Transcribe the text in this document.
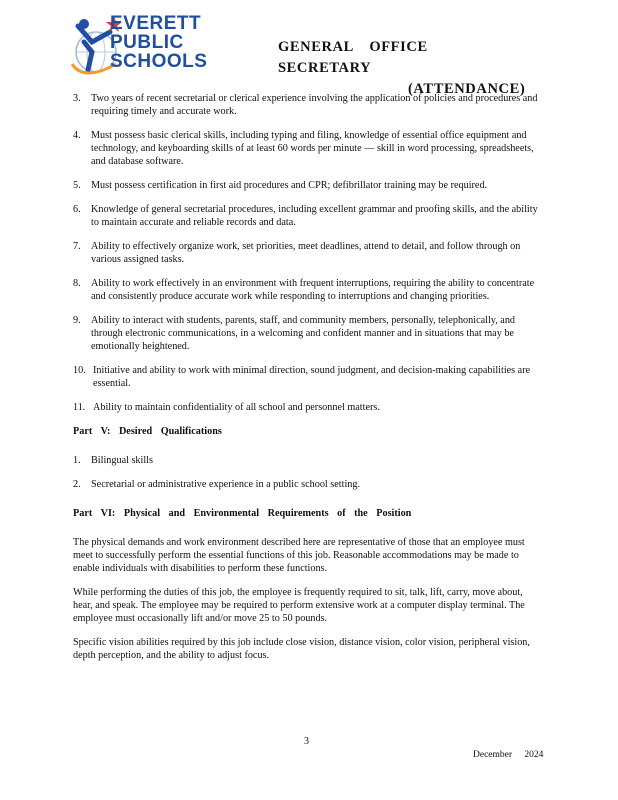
EVERETT
PUBLIC
SCHOOLS
GENERAL OFFICE SECRETARY
(ATTENDANCE)
3. Two years of recent secretarial or clerical experience involving the application of policies and procedures and requiring timely and accurate work.
4. Must possess basic clerical skills, including typing and filing, knowledge of essential office equipment and technology, and keyboarding skills of at least 60 words per minute — skill in word processing, spreadsheets, and database software.
5. Must possess certification in first aid procedures and CPR; defibrillator training may be required.
6. Knowledge of general secretarial procedures, including excellent grammar and proofing skills, and the ability to maintain accurate and reliable records and data.
7. Ability to effectively organize work, set priorities, meet deadlines, attend to detail, and follow through on various assigned tasks.
8. Ability to work effectively in an environment with frequent interruptions, requiring the ability to concentrate and consistently produce accurate work while responding to interruptions and changing priorities.
9. Ability to interact with students, parents, staff, and community members, personally, telephonically, and through electronic communications, in a welcoming and confident manner and in situations that may be emotionally heightened.
10. Initiative and ability to work with minimal direction, sound judgment, and decision-making capabilities are essential.
11. Ability to maintain confidentiality of all school and personnel matters.
Part V: Desired Qualifications
1. Bilingual skills
2. Secretarial or administrative experience in a public school setting.
Part VI: Physical and Environmental Requirements of the Position

The physical demands and work environment described here are representative of those that an employee must meet to successfully perform the essential functions of this job. Reasonable accommodations may be made to enable individuals with disabilities to perform these functions.

While performing the duties of this job, the employee is frequently required to sit, talk, lift, carry, move about, hear, and speak. The employee may be required to perform extensive work at a computer display terminal. The employee must occasionally lift and/or move 25 to 50 pounds.

Specific vision abilities required by this job include close vision, distance vision, color vision, peripheral vision, depth perception, and the ability to adjust focus.

3
December 2024
